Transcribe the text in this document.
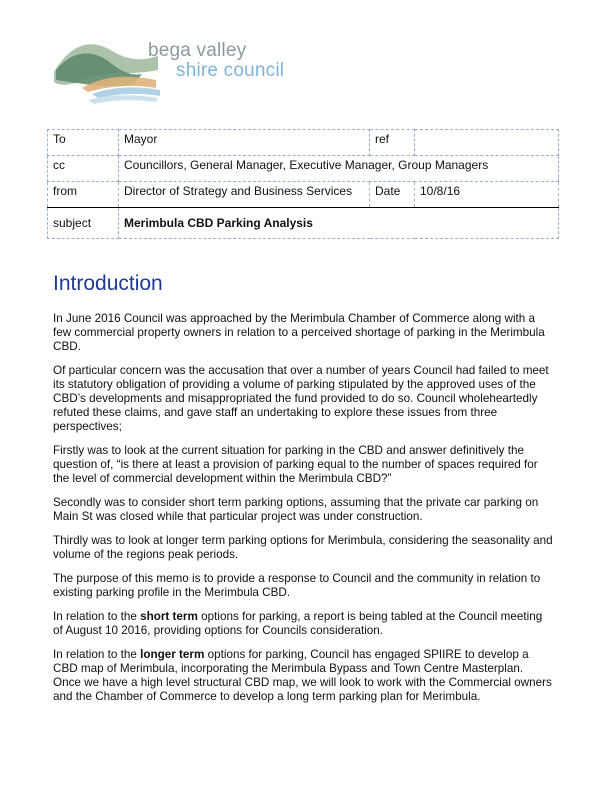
bega valley
shire council
To	Mayor	ref	
cc	Councillors, General Manager, Executive Manager, Group Managers		
from	Director of Strategy and Business Services	Date	10/8/16
subject	Merimbula CBD Parking Analysis		
Introduction

In June 2016 Council was approached by the Merimbula Chamber of Commerce along with a few commercial property owners in relation to a perceived shortage of parking in the Merimbula CBD.

Of particular concern was the accusation that over a number of years Council had failed to meet its statutory obligation of providing a volume of parking stipulated by the approved uses of the CBD’s developments and misappropriated the fund provided to do so. Council wholeheartedly refuted these claims, and gave staff an undertaking to explore these issues from three perspectives;

Firstly was to look at the current situation for parking in the CBD and answer definitively the question of, “is there at least a provision of parking equal to the number of spaces required for the level of commercial development within the Merimbula CBD?”

Secondly was to consider short term parking options, assuming that the private car parking on Main St was closed while that particular project was under construction.

Thirdly was to look at longer term parking options for Merimbula, considering the seasonality and volume of the regions peak periods.

The purpose of this memo is to provide a response to Council and the community in relation to existing parking profile in the Merimbula CBD.

In relation to the short term options for parking, a report is being tabled at the Council meeting of August 10 2016, providing options for Councils consideration.

In relation to the longer term options for parking, Council has engaged SPIIRE to develop a CBD map of Merimbula, incorporating the Merimbula Bypass and Town Centre Masterplan. Once we have a high level structural CBD map, we will look to work with the Commercial owners and the Chamber of Commerce to develop a long term parking plan for Merimbula.
